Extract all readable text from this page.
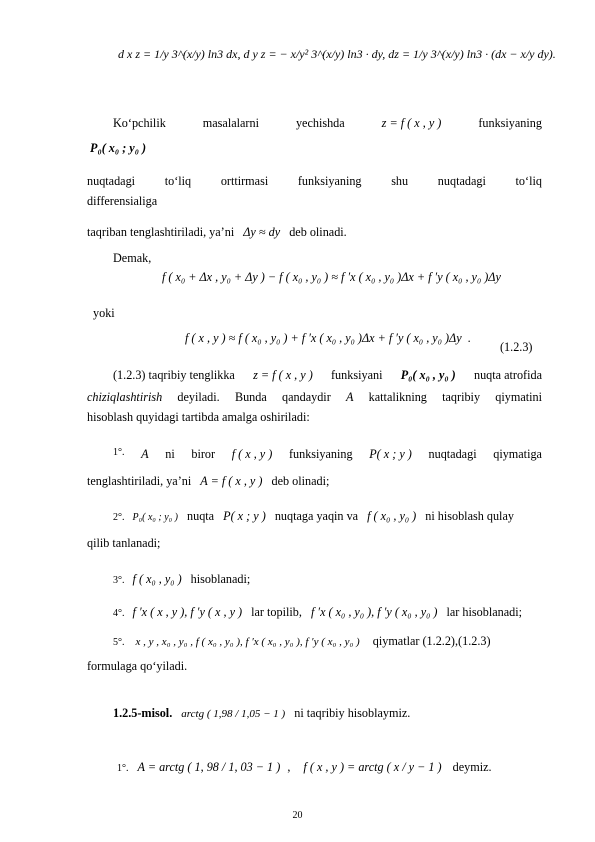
d x z = 1/y 3^(x/y) ln3 dx, d y z = − x/y² 3^(x/y) ln3 · dy, dz = 1/y 3^(x/y) ln3 · (dx − x/y dy).
Ko‘pchilik	masalalarni	yechishda	z = f ( x , y )	funksiyaning
P₀( x₀ ; y₀ )
nuqtadagi to‘liq orttirmasi funksiyaning shu nuqtadagi to‘liq
differensialiga
taqriban tenglashtiriladi, ya’ni Δy ≈ dy deb olinadi.
Demak,
f ( x₀ + Δx , y₀ + Δy ) − f ( x₀ , y₀ ) ≈ f ′x ( x₀ , y₀ )Δx + f ′y ( x₀ , y₀ )Δy
yoki
f ( x , y ) ≈ f ( x₀ , y₀ ) + f ′x ( x₀ , y₀ )Δx + f ′y ( x₀ , y₀ )Δy .
(1.2.3)
(1.2.3) taqribiy tenglikka z = f ( x , y ) funksiyani P₀( x₀ , y₀ ) nuqta atrofida
chiziqlashtirish deyiladi. Bunda qandaydir A kattalikning taqribiy qiymatini
hisoblash quyidagi tartibda amalga oshiriladi:
1°. A ni biror f ( x , y ) funksiyaning P( x ; y ) nuqtadagi qiymatiga
tenglashtiriladi, ya’ni A = f ( x , y ) deb olinadi;
2°. P₀( x₀ ; y₀ ) nuqta P( x ; y ) nuqtaga yaqin va f ( x₀ , y₀ ) ni hisoblash qulay
qilib tanlanadi;
3°. f ( x₀ , y₀ ) hisoblanadi;
4°. f ′x ( x , y ), f ′y ( x , y ) lar topilib, f ′x ( x₀ , y₀ ), f ′y ( x₀ , y₀ ) lar hisoblanadi;
5°. x , y , x₀ , y₀ , f ( x₀ , y₀ ), f ′x ( x₀ , y₀ ), f ′y ( x₀ , y₀ ) qiymatlar (1.2.2),(1.2.3)
formulaga qo‘yiladi.
1.2.5-misol. arctg ( 1,98 / 1,05 − 1 ) ni taqribiy hisoblaymiz.
1°. A = arctg ( 1, 98 / 1, 03 − 1 ) , f ( x , y ) = arctg ( x / y − 1 ) deymiz.
20
